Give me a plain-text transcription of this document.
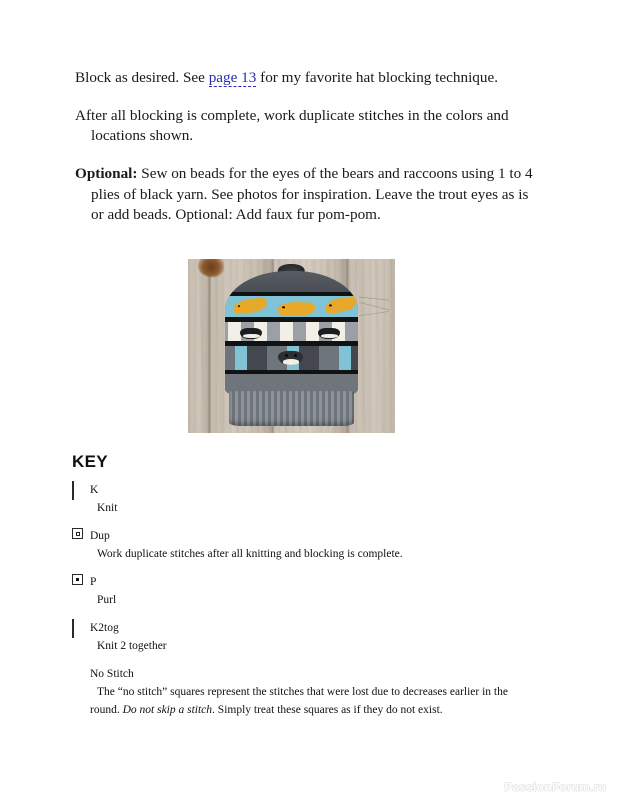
Block as desired. See page 13 for my favorite hat blocking technique.

After all blocking is complete, work duplicate stitches in the colors and locations shown.

Optional: Sew on beads for the eyes of the bears and raccoons using 1 to 4 plies of black yarn. See photos for inspiration. Leave the trout eyes as is or add beads. Optional: Add faux fur pom-pom.

KEY
K
Knit
Dup
Work duplicate stitches after all knitting and blocking is complete.
P
Purl
K2tog
Knit 2 together
No Stitch
The “no stitch” squares represent the stitches that were lost due to decreases earlier in the round. Do not skip a stitch. Simply treat these squares as if they do not exist.
PassionForum.ru
